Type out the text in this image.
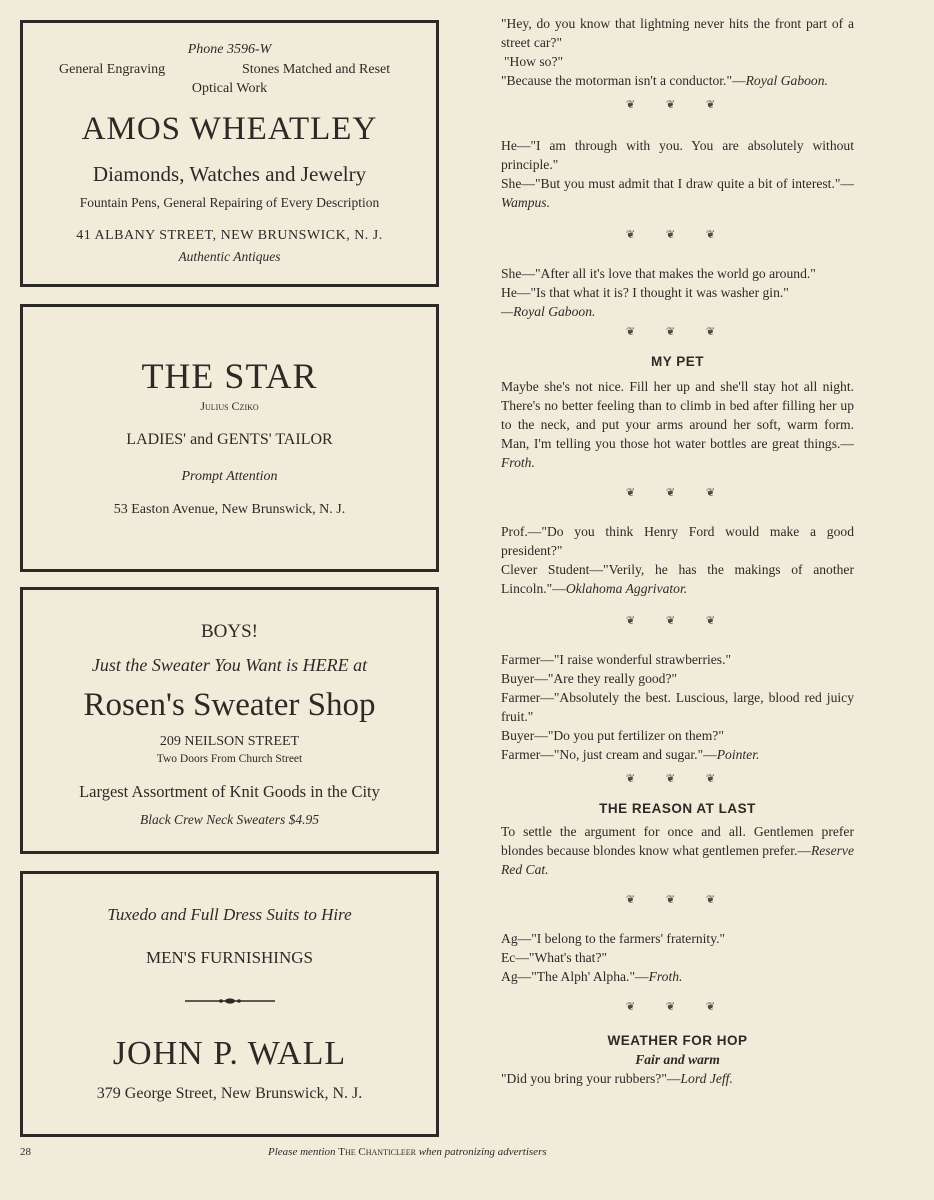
Phone 3596-W
General Engraving	Stones Matched and Reset
Optical Work
AMOS WHEATLEY
Diamonds, Watches and Jewelry
Fountain Pens, General Repairing of Every Description
41 ALBANY STREET, NEW BRUNSWICK, N. J.
Authentic Antiques
THE STAR
Julius Cziko
LADIES' and GENTS' TAILOR
Prompt Attention
53 Easton Avenue, New Brunswick, N. J.
BOYS!
Just the Sweater You Want is HERE at
Rosen's Sweater Shop
209 NEILSON STREET
Two Doors From Church Street
Largest Assortment of Knit Goods in the City
Black Crew Neck Sweaters $4.95
Tuxedo and Full Dress Suits to Hire
MEN'S FURNISHINGS
JOHN P. WALL
379 George Street, New Brunswick, N. J.

"Hey, do you know that lightning never hits the front part of a street car?"

"How so?"

"Because the motorman isn't a conductor."—Royal Gaboon.

❦ ❦ ❦

He—"I am through with you. You are absolutely without principle."

She—"But you must admit that I draw quite a bit of interest."—Wampus.

❦ ❦ ❦

She—"After all it's love that makes the world go around."

He—"Is that what it is? I thought it was washer gin."

—Royal Gaboon.

❦ ❦ ❦

MY PET

Maybe she's not nice. Fill her up and she'll stay hot all night. There's no better feeling than to climb in bed after filling her up to the neck, and put your arms around her soft, warm form. Man, I'm telling you those hot water bottles are great things.—Froth.

❦ ❦ ❦

Prof.—"Do you think Henry Ford would make a good president?"

Clever Student—"Verily, he has the makings of another Lincoln."—Oklahoma Aggrivator.

❦ ❦ ❦

Farmer—"I raise wonderful strawberries."

Buyer—"Are they really good?"

Farmer—"Absolutely the best. Luscious, large, blood red juicy fruit."

Buyer—"Do you put fertilizer on them?"

Farmer—"No, just cream and sugar."—Pointer.

❦ ❦ ❦

THE REASON AT LAST

To settle the argument for once and all. Gentlemen prefer blondes because blondes know what gentlemen prefer.—Reserve Red Cat.

❦ ❦ ❦

Ag—"I belong to the farmers' fraternity."

Ec—"What's that?"

Ag—"The Alph' Alpha."—Froth.

❦ ❦ ❦

WEATHER FOR HOP

Fair and warm

"Did you bring your rubbers?"—Lord Jeff.

28	Please mention The Chanticleer when patronizing advertisers
